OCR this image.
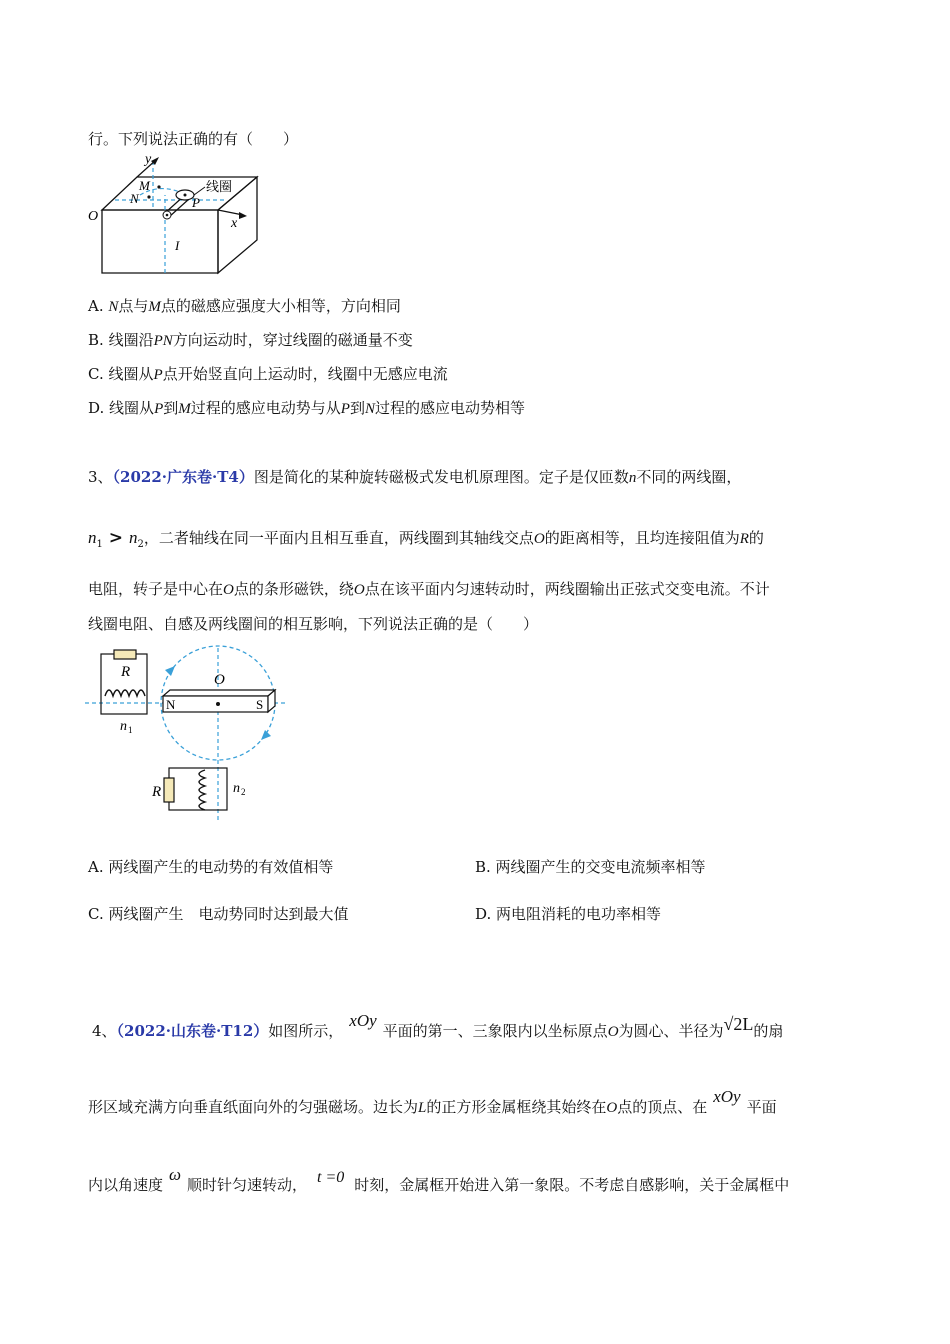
行。下列说法正确的有（　　）
y
M
N	P
线圈
O	x
I
A. N点与M点的磁感应强度大小相等，方向相同
B. 线圈沿PN方向运动时，穿过线圈的磁通量不变
C. 线圈从P点开始竖直向上运动时，线圈中无感应电流
D. 线圈从P到M过程的感应电动势与从P到N过程的感应电动势相等
3、（2022·广东卷·T4）图是简化的某种旋转磁极式发电机原理图。定子是仅匝数n不同的两线圈，
$n_1 > n_2$，二者轴线在同一平面内且相互垂直，两线圈到其轴线交点O的距离相等，且均连接阻值为R的
电阻，转子是中心在O点的条形磁铁，绕O点在该平面内匀速转动时，两线圈输出正弦式交变电流。不计
线圈电阻、自感及两线圈间的相互影响，下列说法正确的是（　　）
R
n 1
O
N	S
R	n 2
A. 两线圈产生的电动势的有效值相等	B. 两线圈产生的交变电流频率相等
C. 两线圈产生　电动势同时达到最大值	D. 两电阻消耗的电功率相等
4、（2022·山东卷·T12）如图所示，xOy平面的第一、三象限内以坐标原点O为圆心、半径为√2L的扇
形区域充满方向垂直纸面向外的匀强磁场。边长为L的正方形金属框绕其始终在O点的顶点、在xOy平面
内以角速度ω顺时针匀速转动， t =0 时刻，金属框开始进入第一象限。不考虑自感影响，关于金属框中
